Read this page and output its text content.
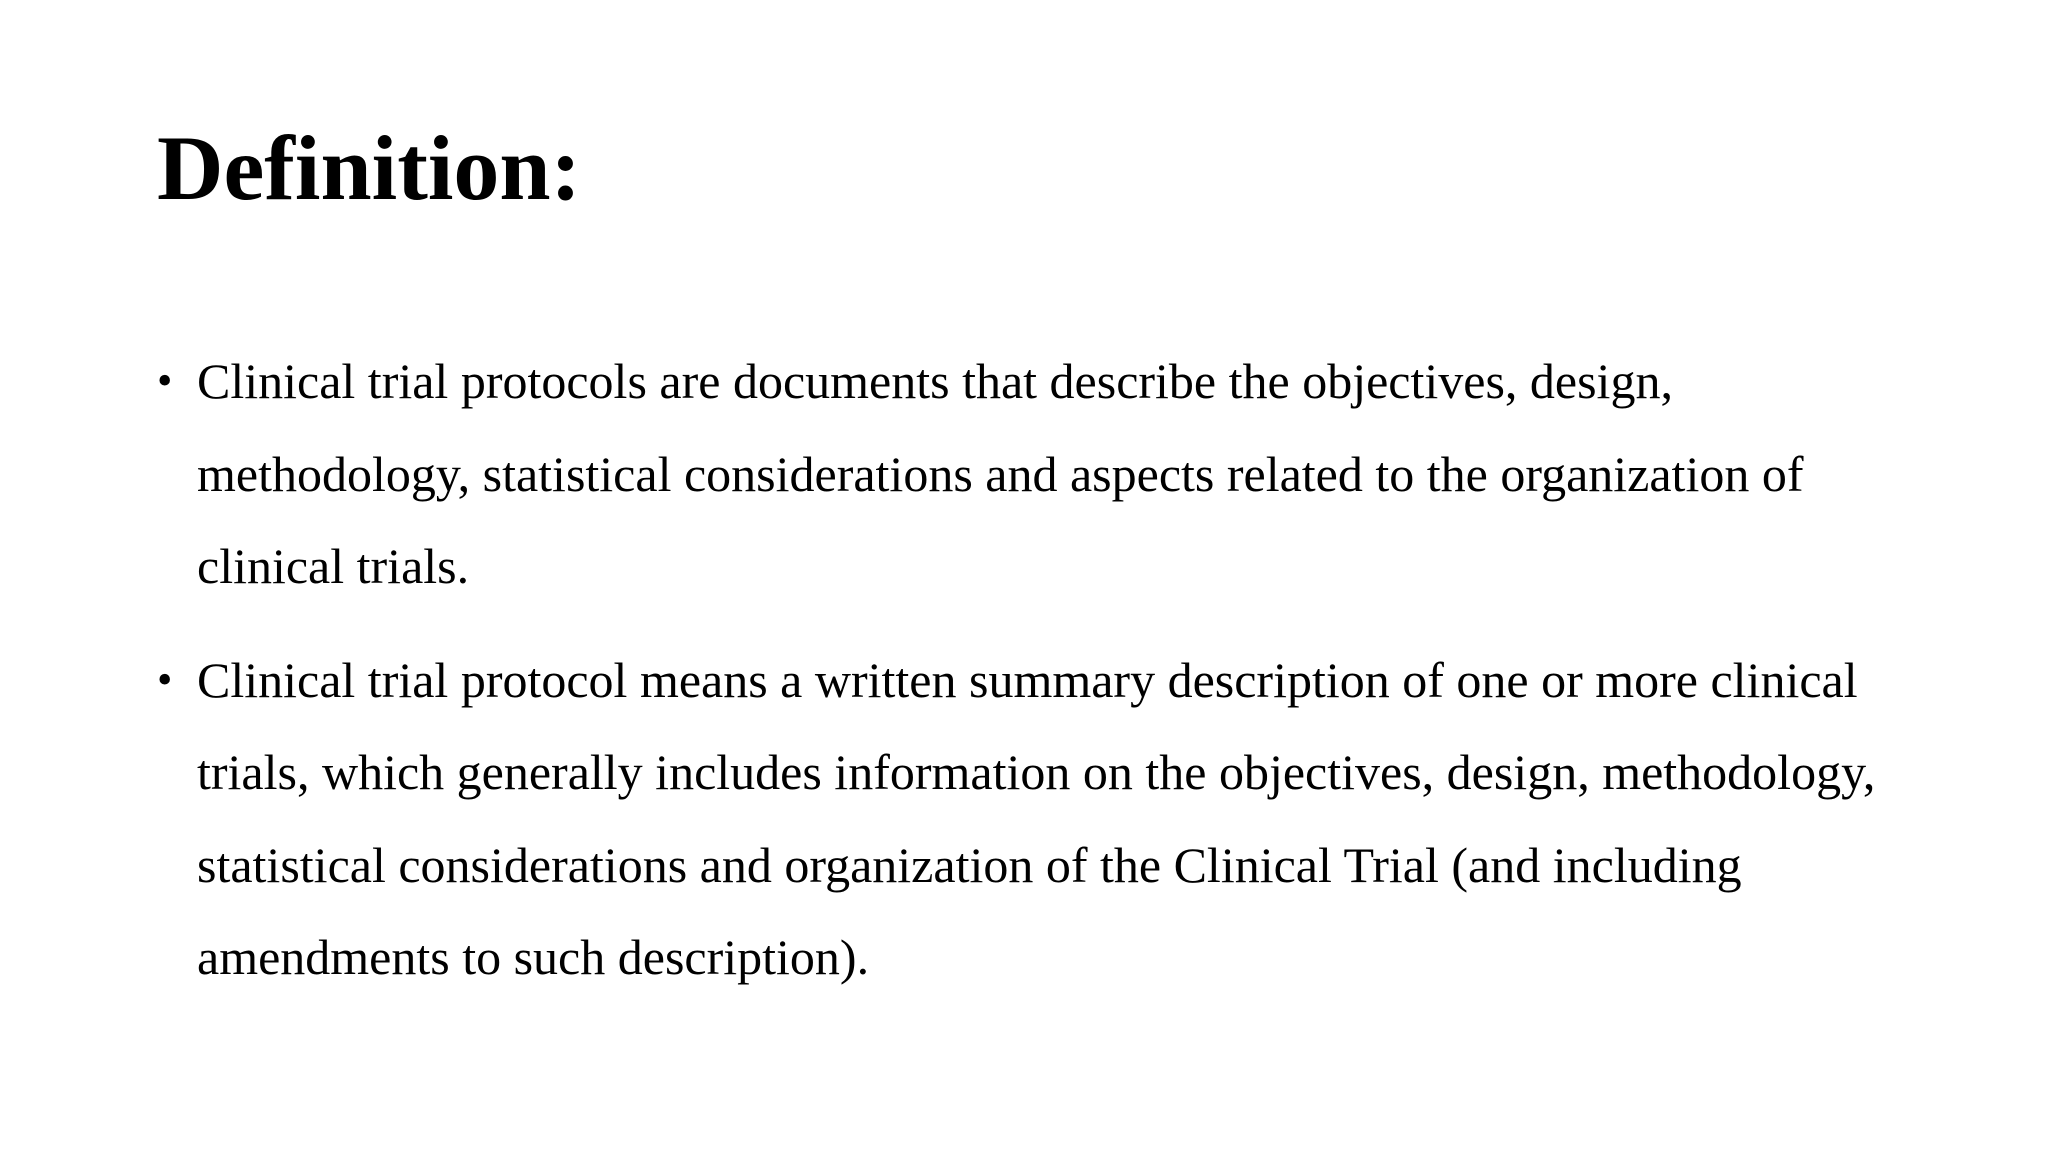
Definition:
• Clinical trial protocols are documents that describe the objectives, design, methodology, statistical considerations and aspects related to the organization of clinical trials.
• Clinical trial protocol means a written summary description of one or more clinical trials, which generally includes information on the objectives, design, methodology, statistical considerations and organization of the Clinical Trial (and including amendments to such description).
